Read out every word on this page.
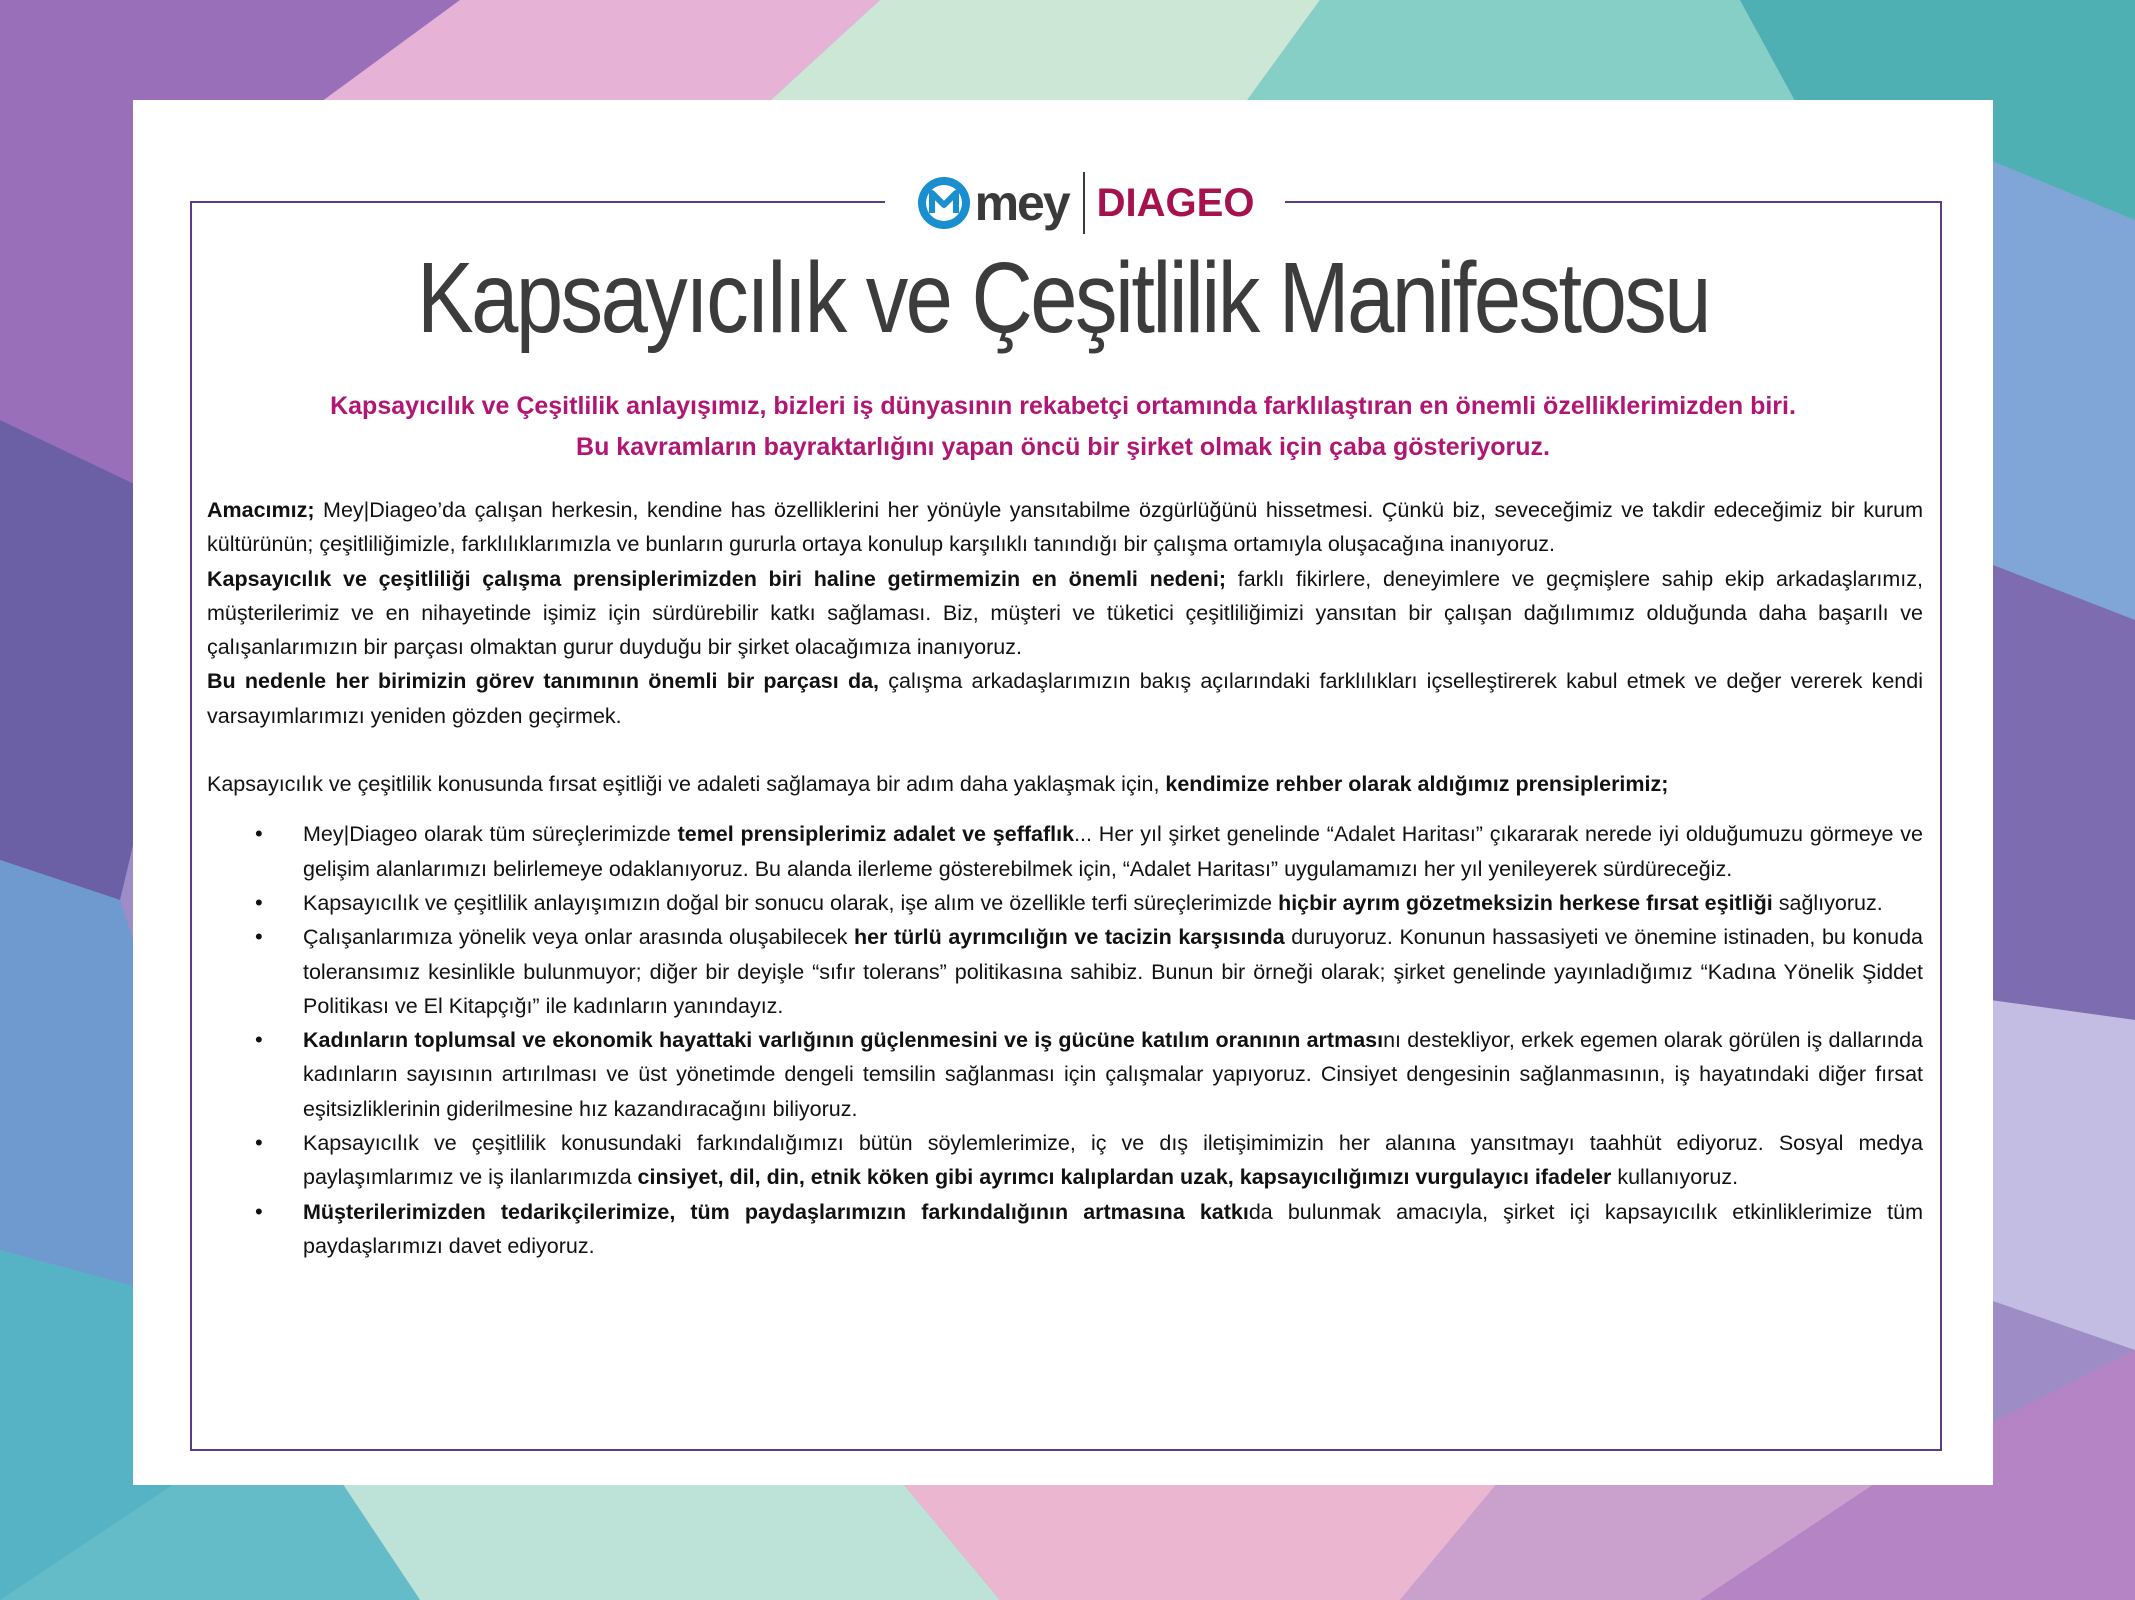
mey DIAGEO
Kapsayıcılık ve Çeşitlilik Manifestosu
Kapsayıcılık ve Çeşitlilik anlayışımız, bizleri iş dünyasının rekabetçi ortamında farklılaştıran en önemli özelliklerimizden biri.
Bu kavramların bayraktarlığını yapan öncü bir şirket olmak için çaba gösteriyoruz.

Amacımız; Mey|Diageo’da çalışan herkesin, kendine has özelliklerini her yönüyle yansıtabilme özgürlüğünü hissetmesi. Çünkü biz, seveceğimiz ve takdir edeceğimiz bir kurum kültürünün; çeşitliliğimizle, farklılıklarımızla ve bunların gururla ortaya konulup karşılıklı tanındığı bir çalışma ortamıyla oluşacağına inanıyoruz.

Kapsayıcılık ve çeşitliliği çalışma prensiplerimizden biri haline getirmemizin en önemli nedeni; farklı fikirlere, deneyimlere ve geçmişlere sahip ekip arkadaşlarımız, müşterilerimiz ve en nihayetinde işimiz için sürdürebilir katkı sağlaması. Biz, müşteri ve tüketici çeşitliliğimizi yansıtan bir çalışan dağılımımız olduğunda daha başarılı ve çalışanlarımızın bir parçası olmaktan gurur duyduğu bir şirket olacağımıza inanıyoruz.

Bu nedenle her birimizin görev tanımının önemli bir parçası da, çalışma arkadaşlarımızın bakış açılarındaki farklılıkları içselleştirerek kabul etmek ve değer vererek kendi varsayımlarımızı yeniden gözden geçirmek.

Kapsayıcılık ve çeşitlilik konusunda fırsat eşitliği ve adaleti sağlamaya bir adım daha yaklaşmak için, kendimize rehber olarak aldığımız prensiplerimiz;

• Mey|Diageo olarak tüm süreçlerimizde temel prensiplerimiz adalet ve şeffaflık... Her yıl şirket genelinde “Adalet Haritası” çıkararak nerede iyi olduğumuzu görmeye ve gelişim alanlarımızı belirlemeye odaklanıyoruz. Bu alanda ilerleme gösterebilmek için, “Adalet Haritası” uygulamamızı her yıl yenileyerek sürdüreceğiz.
• Kapsayıcılık ve çeşitlilik anlayışımızın doğal bir sonucu olarak, işe alım ve özellikle terfi süreçlerimizde hiçbir ayrım gözetmeksizin herkese fırsat eşitliği sağlıyoruz.
• Çalışanlarımıza yönelik veya onlar arasında oluşabilecek her türlü ayrımcılığın ve tacizin karşısında duruyoruz. Konunun hassasiyeti ve önemine istinaden, bu konuda toleransımız kesinlikle bulunmuyor; diğer bir deyişle “sıfır tolerans” politikasına sahibiz. Bunun bir örneği olarak; şirket genelinde yayınladığımız “Kadına Yönelik Şiddet Politikası ve El Kitapçığı” ile kadınların yanındayız.
• Kadınların toplumsal ve ekonomik hayattaki varlığının güçlenmesini ve iş gücüne katılım oranının artmasını destekliyor, erkek egemen olarak görülen iş dallarında kadınların sayısının artırılması ve üst yönetimde dengeli temsilin sağlanması için çalışmalar yapıyoruz. Cinsiyet dengesinin sağlanmasının, iş hayatındaki diğer fırsat eşitsizliklerinin giderilmesine hız kazandıracağını biliyoruz.
• Kapsayıcılık ve çeşitlilik konusundaki farkındalığımızı bütün söylemlerimize, iç ve dış iletişimimizin her alanına yansıtmayı taahhüt ediyoruz. Sosyal medya paylaşımlarımız ve iş ilanlarımızda cinsiyet, dil, din, etnik köken gibi ayrımcı kalıplardan uzak, kapsayıcılığımızı vurgulayıcı ifadeler kullanıyoruz.
• Müşterilerimizden tedarikçilerimize, tüm paydaşlarımızın farkındalığının artmasına katkıda bulunmak amacıyla, şirket içi kapsayıcılık etkinliklerimize tüm paydaşlarımızı davet ediyoruz.
